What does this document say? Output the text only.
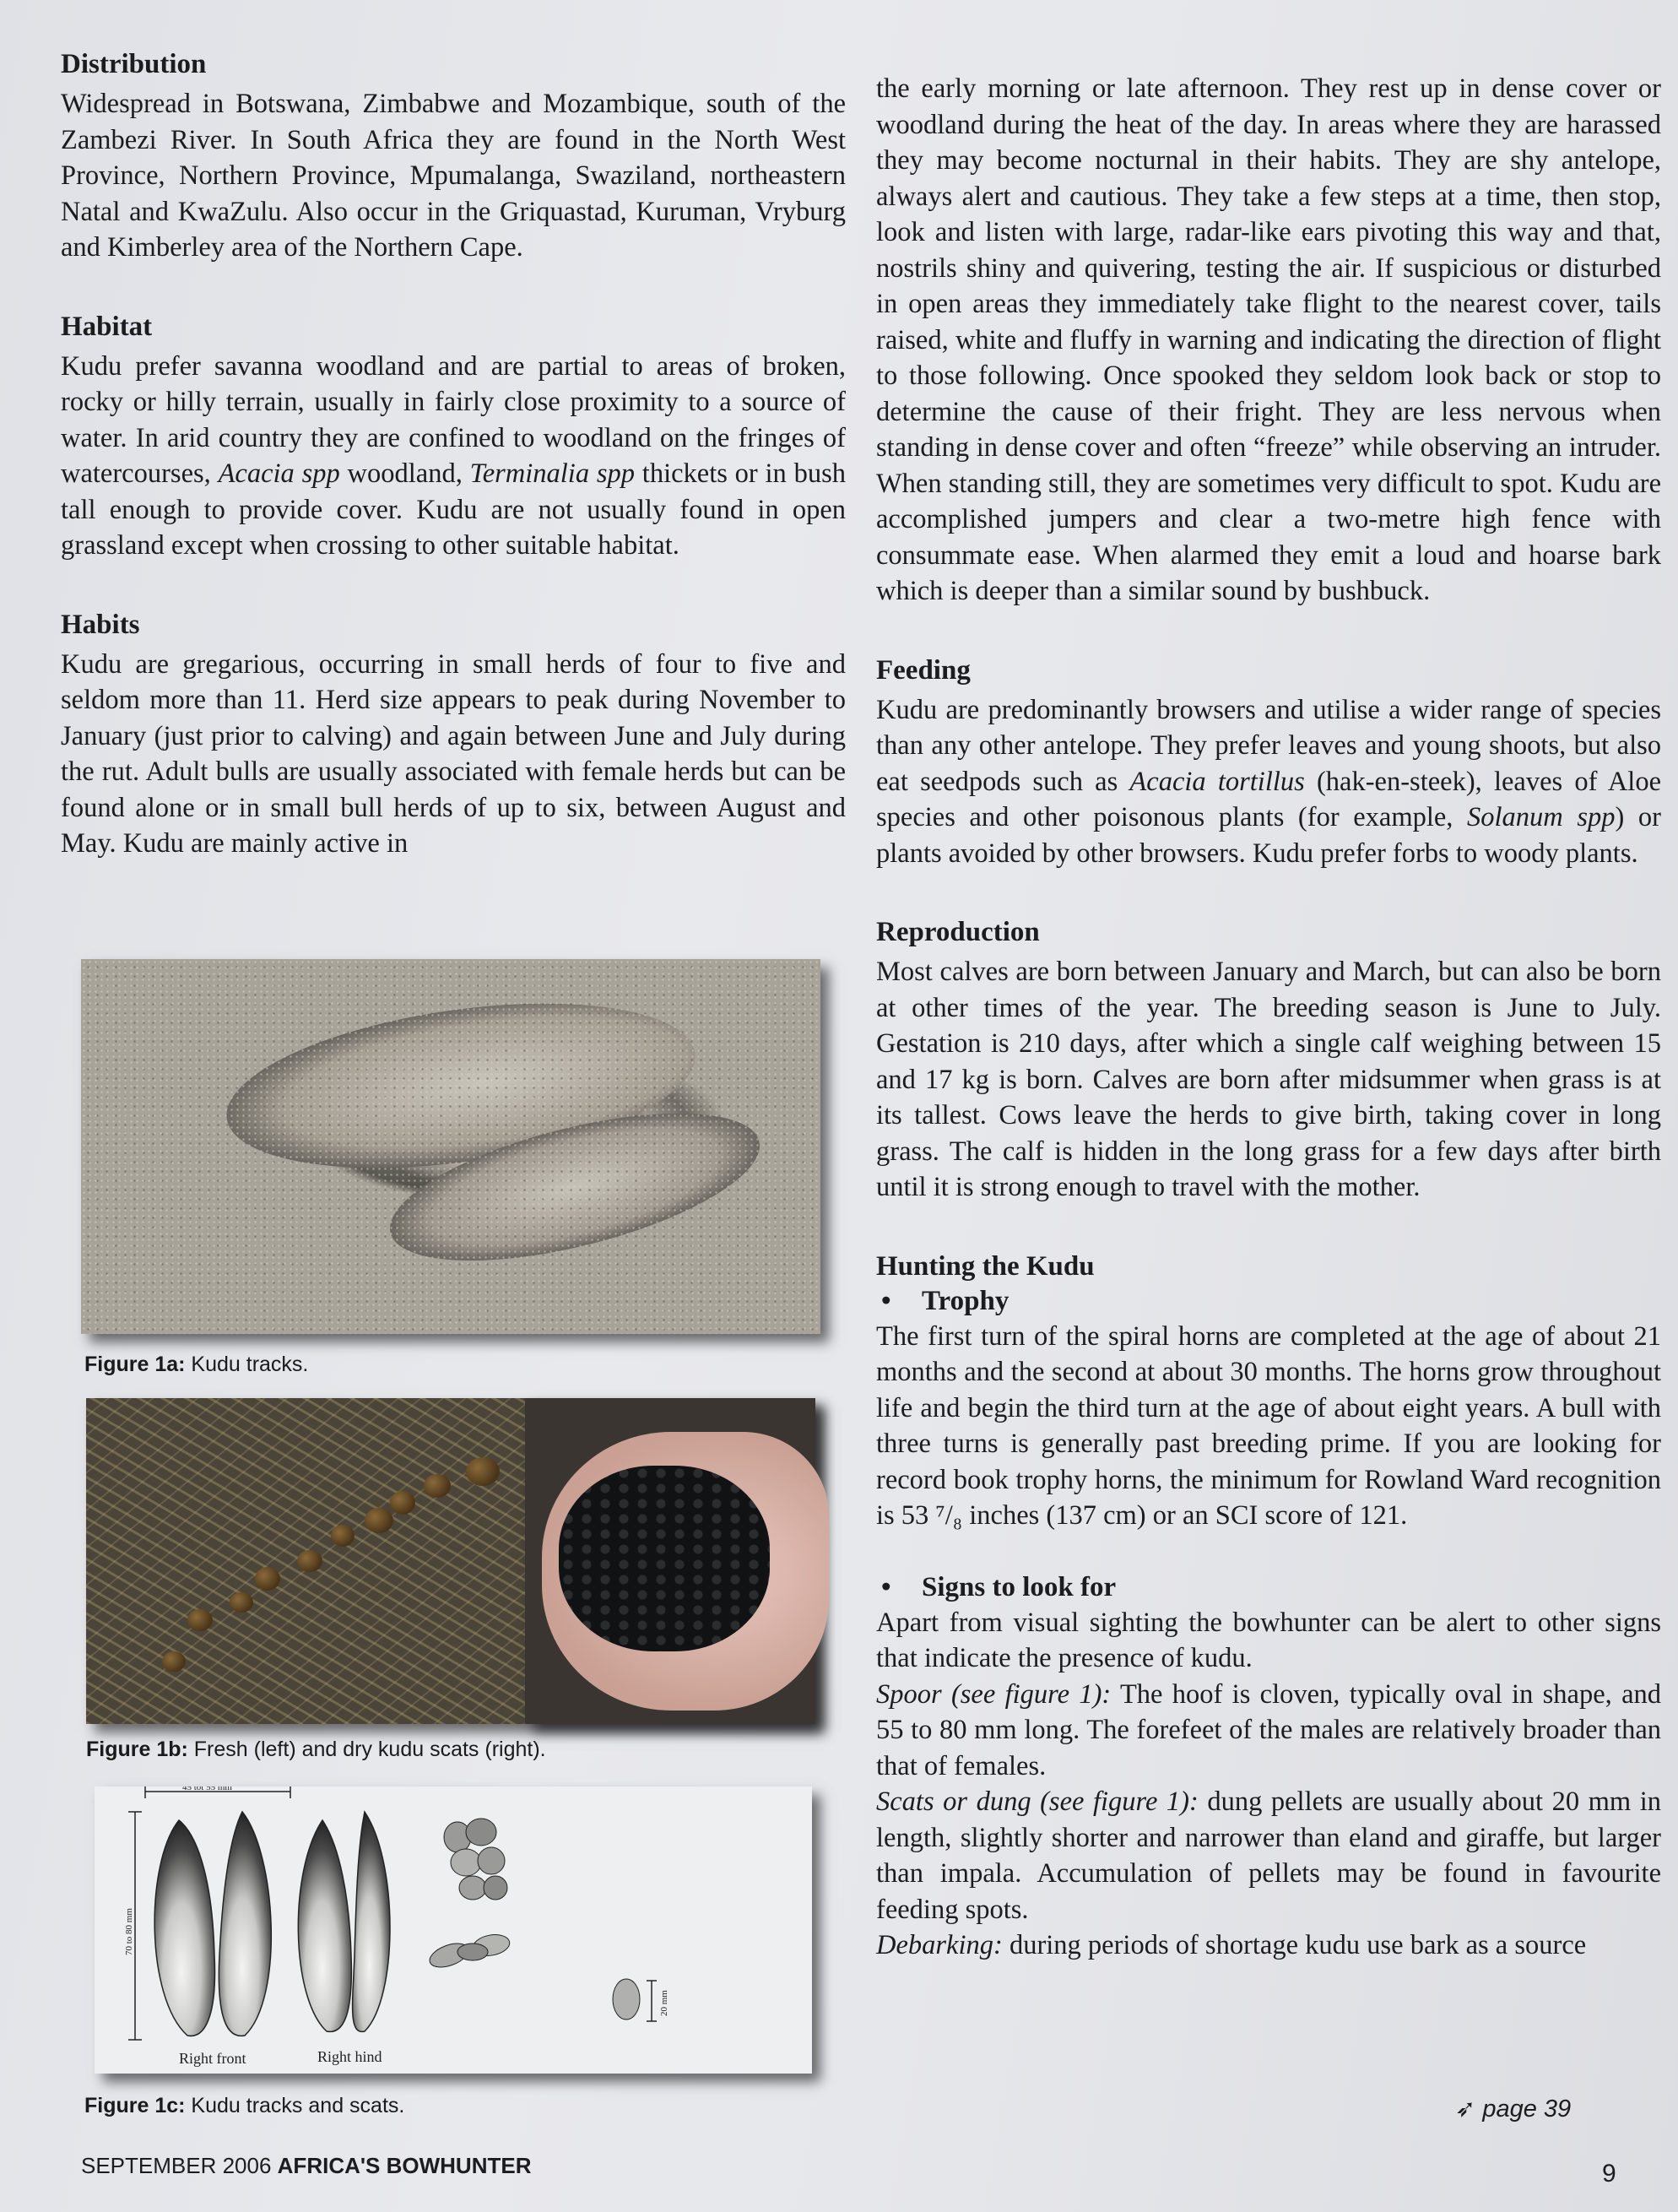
Distribution

Widespread in Botswana, Zimbabwe and Mozambique, south of the Zambezi River. In South Africa they are found in the North West Province, Northern Province, Mpumalanga, Swaziland, northeastern Natal and KwaZulu. Also occur in the Griquastad, Kuruman, Vryburg and Kimberley area of the Northern Cape.

Habitat

Kudu prefer savanna woodland and are partial to areas of broken, rocky or hilly terrain, usually in fairly close proximity to a source of water. In arid country they are confined to woodland on the fringes of watercourses, Acacia spp woodland, Terminalia spp thickets or in bush tall enough to provide cover. Kudu are not usually found in open grassland except when crossing to other suitable habitat.

Habits

Kudu are gregarious, occurring in small herds of four to five and seldom more than 11. Herd size appears to peak during November to January (just prior to calving) and again between June and July during the rut. Adult bulls are usually associated with female herds but can be found alone or in small bull herds of up to six, between August and May. Kudu are mainly active in

Figure 1a: Kudu tracks.
Figure 1b: Fresh (left) and dry kudu scats (right).
45 tot 55 mm
70 to 80 mm
20 mm
Right front	Right hind
Figure 1c: Kudu tracks and scats.

the early morning or late afternoon. They rest up in dense cover or woodland during the heat of the day. In areas where they are harassed they may become nocturnal in their habits. They are shy antelope, always alert and cautious. They take a few steps at a time, then stop, look and listen with large, radar-like ears pivoting this way and that, nostrils shiny and quivering, testing the air. If suspicious or disturbed in open areas they immediately take flight to the nearest cover, tails raised, white and fluffy in warning and indicating the direction of flight to those following. Once spooked they seldom look back or stop to determine the cause of their fright. They are less nervous when standing in dense cover and often “freeze” while observing an intruder. When standing still, they are sometimes very difficult to spot. Kudu are accomplished jumpers and clear a two-metre high fence with consummate ease. When alarmed they emit a loud and hoarse bark which is deeper than a similar sound by bushbuck.

Feeding

Kudu are predominantly browsers and utilise a wider range of species than any other antelope. They prefer leaves and young shoots, but also eat seedpods such as Acacia tortillus (hak-en-steek), leaves of Aloe species and other poisonous plants (for example, Solanum spp) or plants avoided by other browsers. Kudu prefer forbs to woody plants.

Reproduction

Most calves are born between January and March, but can also be born at other times of the year. The breeding season is June to July. Gestation is 210 days, after which a single calf weighing between 15 and 17 kg is born. Calves are born after midsummer when grass is at its tallest. Cows leave the herds to give birth, taking cover in long grass. The calf is hidden in the long grass for a few days after birth until it is strong enough to travel with the mother.

Hunting the Kudu

• Trophy

The first turn of the spiral horns are completed at the age of about 21 months and the second at about 30 months. The horns grow throughout life and begin the third turn at the age of about eight years. A bull with three turns is generally past breeding prime. If you are looking for record book trophy horns, the minimum for Rowland Ward recognition is 53 ⁷/₈ inches (137 cm) or an SCI score of 121.

• Signs to look for

Apart from visual sighting the bowhunter can be alert to other signs that indicate the presence of kudu.

Spoor (see figure 1): The hoof is cloven, typically oval in shape, and 55 to 80 mm long. The forefeet of the males are relatively broader than that of females.

Scats or dung (see figure 1): dung pellets are usually about 20 mm in length, slightly shorter and narrower than eland and giraffe, but larger than impala. Accumulation of pellets may be found in favourite feeding spots.

Debarking: during periods of shortage kudu use bark as a source

➶ page 39
SEPTEMBER 2006 AFRICA'S BOWHUNTER	9
